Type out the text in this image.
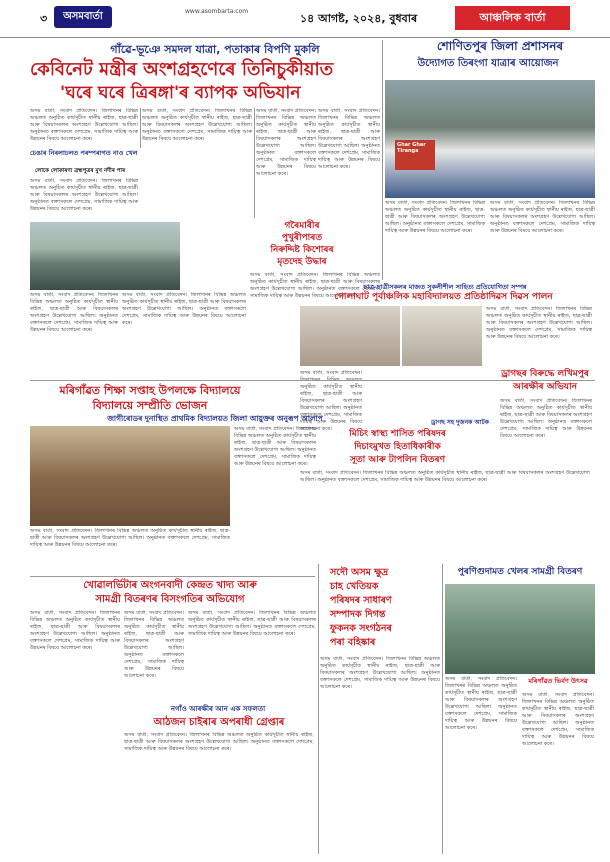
৩	অসমবাৰ্তা	www.asombarta.com
১৪ আগষ্ট, ২০২৪, বুধবাৰ	আঞ্চলিক বাৰ্তা
গাঁৱে-ভূঞে সমদল যাত্ৰা, পতাকাৰ বিপণি মুকলি
কেবিনেট মন্ত্ৰীৰ অংশগ্ৰহণেৰে তিনিচুকীয়াত
'ঘৰে ঘৰে ত্ৰিৰঙ্গা'ৰ ব্যাপক অভিযান
শোণিতপুৰ জিলা প্ৰশাসনৰ
উদ্যোগত তিৰংগা যাত্ৰাৰ আয়োজন
অসম বাৰ্তা, সংবাদ প্ৰতিবেদন। জিলাখনৰ বিভিন্ন অঞ্চলত অনুষ্ঠিত কাৰ্যসূচীত স্থানীয় ৰাইজ, ছাত্ৰ-ছাত্ৰী আৰু বিষয়াসকলৰ অংশগ্ৰহণ উল্লেখযোগ্য আছিল। অনুষ্ঠানত বক্তাসকলে দেশপ্ৰেম, সামাজিক দায়িত্ব আৰু উন্নয়নৰ বিষয়ে আলোচনা কৰে।
অসম বাৰ্তা, সংবাদ প্ৰতিবেদন। জিলাখনৰ বিভিন্ন অঞ্চলত অনুষ্ঠিত কাৰ্যসূচীত স্থানীয় ৰাইজ, ছাত্ৰ-ছাত্ৰী আৰু বিষয়াসকলৰ অংশগ্ৰহণ উল্লেখযোগ্য আছিল। অনুষ্ঠানত বক্তাসকলে দেশপ্ৰেম, সামাজিক দায়িত্ব আৰু উন্নয়নৰ বিষয়ে আলোচনা কৰে।
অসম বাৰ্তা, সংবাদ প্ৰতিবেদন। জিলাখনৰ বিভিন্ন অঞ্চলত অনুষ্ঠিত কাৰ্যসূচীত স্থানীয় ৰাইজ, ছাত্ৰ-ছাত্ৰী আৰু বিষয়াসকলৰ অংশগ্ৰহণ উল্লেখযোগ্য আছিল। অনুষ্ঠানত বক্তাসকলে দেশপ্ৰেম, সামাজিক দায়িত্ব আৰু উন্নয়নৰ বিষয়ে আলোচনা কৰে।
চেঙাৰ নিৰলাচলত পৰম্পৰাগত নাও খেল
লোকে লোকাৰণ্য ব্ৰহ্মপুত্ৰৰ মুখ নদীৰ পাৰ
অসম বাৰ্তা, সংবাদ প্ৰতিবেদন। জিলাখনৰ বিভিন্ন অঞ্চলত অনুষ্ঠিত কাৰ্যসূচীত স্থানীয় ৰাইজ, ছাত্ৰ-ছাত্ৰী আৰু বিষয়াসকলৰ অংশগ্ৰহণ উল্লেখযোগ্য আছিল। অনুষ্ঠানত বক্তাসকলে দেশপ্ৰেম, সামাজিক দায়িত্ব আৰু উন্নয়নৰ বিষয়ে আলোচনা কৰে।
Ghar Ghar Tiranga
অসম বাৰ্তা, সংবাদ প্ৰতিবেদন। জিলাখনৰ বিভিন্ন অঞ্চলত অনুষ্ঠিত কাৰ্যসূচীত স্থানীয় ৰাইজ, ছাত্ৰ-ছাত্ৰী আৰু বিষয়াসকলৰ অংশগ্ৰহণ উল্লেখযোগ্য আছিল। অনুষ্ঠানত বক্তাসকলে দেশপ্ৰেম, সামাজিক দায়িত্ব আৰু উন্নয়নৰ বিষয়ে আলোচনা কৰে।
অসম বাৰ্তা, সংবাদ প্ৰতিবেদন। জিলাখনৰ বিভিন্ন অঞ্চলত অনুষ্ঠিত কাৰ্যসূচীত স্থানীয় ৰাইজ, ছাত্ৰ-ছাত্ৰী আৰু বিষয়াসকলৰ অংশগ্ৰহণ উল্লেখযোগ্য আছিল। অনুষ্ঠানত বক্তাসকলে দেশপ্ৰেম, সামাজিক দায়িত্ব আৰু উন্নয়নৰ বিষয়ে আলোচনা কৰে।
অসম বাৰ্তা, সংবাদ প্ৰতিবেদন। জিলাখনৰ বিভিন্ন অঞ্চলত অনুষ্ঠিত কাৰ্যসূচীত স্থানীয় ৰাইজ, ছাত্ৰ-ছাত্ৰী আৰু বিষয়াসকলৰ অংশগ্ৰহণ উল্লেখযোগ্য আছিল। অনুষ্ঠানত বক্তাসকলে দেশপ্ৰেম, সামাজিক দায়িত্ব আৰু উন্নয়নৰ বিষয়ে আলোচনা কৰে।
গৰৈমাৰীৰ
পুখুৰীপাৰত
নিৰুদ্দিষ্ট কিশোৰৰ
মৃতদেহ উদ্ধাৰ
অসম বাৰ্তা, সংবাদ প্ৰতিবেদন। জিলাখনৰ বিভিন্ন অঞ্চলত অনুষ্ঠিত কাৰ্যসূচীত স্থানীয় ৰাইজ, ছাত্ৰ-ছাত্ৰী আৰু বিষয়াসকলৰ অংশগ্ৰহণ উল্লেখযোগ্য আছিল। অনুষ্ঠানত বক্তাসকলে দেশপ্ৰেম, সামাজিক দায়িত্ব আৰু উন্নয়নৰ বিষয়ে আলোচনা কৰে।
অসম বাৰ্তা, সংবাদ প্ৰতিবেদন। জিলাখনৰ বিভিন্ন অঞ্চলত অনুষ্ঠিত কাৰ্যসূচীত স্থানীয় ৰাইজ, ছাত্ৰ-ছাত্ৰী আৰু বিষয়াসকলৰ অংশগ্ৰহণ উল্লেখযোগ্য আছিল। অনুষ্ঠানত বক্তাসকলে দেশপ্ৰেম, সামাজিক দায়িত্ব আৰু উন্নয়নৰ বিষয়ে আলোচনা কৰে।
অসম বাৰ্তা, সংবাদ প্ৰতিবেদন। জিলাখনৰ বিভিন্ন অঞ্চলত অনুষ্ঠিত কাৰ্যসূচীত স্থানীয় ৰাইজ, ছাত্ৰ-ছাত্ৰী আৰু বিষয়াসকলৰ অংশগ্ৰহণ উল্লেখযোগ্য আছিল। অনুষ্ঠানত বক্তাসকলে দেশপ্ৰেম, সামাজিক দায়িত্ব আৰু উন্নয়নৰ বিষয়ে আলোচনা কৰে।
ছাত্ৰ-ছাত্ৰীসকলৰ মাজত সুকলীশীল সাহিত্য প্ৰতিযোগিতা সম্পন্ন
গোলাঘাট পূৰ্বাঞ্চলিক মহাবিদ্যালয়ত প্ৰতিষ্ঠাদিৱস দিৱস পালন
অসম বাৰ্তা, সংবাদ প্ৰতিবেদন। জিলাখনৰ বিভিন্ন অঞ্চলত অনুষ্ঠিত কাৰ্যসূচীত স্থানীয় ৰাইজ, ছাত্ৰ-ছাত্ৰী আৰু বিষয়াসকলৰ অংশগ্ৰহণ উল্লেখযোগ্য আছিল। অনুষ্ঠানত বক্তাসকলে দেশপ্ৰেম, সামাজিক দায়িত্ব আৰু উন্নয়নৰ বিষয়ে আলোচনা কৰে।
মৰিগাঁৱত শিক্ষা সপ্তাহ উপলক্ষে বিদ্যালয়ে
বিদ্যালয়ে সম্প্ৰীতি ভোজন
জাগীৰোডৰ দুনাস্থিত প্ৰাথমিক বিদ্যালয়ত জিলা আয়ুক্তৰ অনুৰূপ আলাপ
অসম বাৰ্তা, সংবাদ প্ৰতিবেদন। জিলাখনৰ বিভিন্ন অঞ্চলত অনুষ্ঠিত কাৰ্যসূচীত স্থানীয় ৰাইজ, ছাত্ৰ-ছাত্ৰী আৰু বিষয়াসকলৰ অংশগ্ৰহণ উল্লেখযোগ্য আছিল। অনুষ্ঠানত বক্তাসকলে দেশপ্ৰেম, সামাজিক দায়িত্ব আৰু উন্নয়নৰ বিষয়ে আলোচনা কৰে।
অসম বাৰ্তা, সংবাদ প্ৰতিবেদন। জিলাখনৰ বিভিন্ন অঞ্চলত অনুষ্ঠিত কাৰ্যসূচীত স্থানীয় ৰাইজ, ছাত্ৰ-ছাত্ৰী আৰু বিষয়াসকলৰ অংশগ্ৰহণ উল্লেখযোগ্য আছিল। অনুষ্ঠানত বক্তাসকলে দেশপ্ৰেম, সামাজিক দায়িত্ব আৰু উন্নয়নৰ বিষয়ে আলোচনা কৰে।
অসম বাৰ্তা, সংবাদ প্ৰতিবেদন। জিলাখনৰ বিভিন্ন অঞ্চলত অনুষ্ঠিত কাৰ্যসূচীত স্থানীয় ৰাইজ, ছাত্ৰ-ছাত্ৰী আৰু বিষয়াসকলৰ অংশগ্ৰহণ উল্লেখযোগ্য আছিল। অনুষ্ঠানত বক্তাসকলে দেশপ্ৰেম, সামাজিক দায়িত্ব আৰু উন্নয়নৰ বিষয়ে আলোচনা কৰে।
মিচিং স্বাস্থ্য শাসিত পৰিষদৰ
দিচাংমুখত হিতাধিকাৰীক
সূতা আৰু টাপলিন বিতৰণ
অসম বাৰ্তা, সংবাদ প্ৰতিবেদন। জিলাখনৰ বিভিন্ন অঞ্চলত অনুষ্ঠিত কাৰ্যসূচীত স্থানীয় ৰাইজ, ছাত্ৰ-ছাত্ৰী আৰু বিষয়াসকলৰ অংশগ্ৰহণ উল্লেখযোগ্য আছিল। অনুষ্ঠানত বক্তাসকলে দেশপ্ৰেম, সামাজিক দায়িত্ব আৰু উন্নয়নৰ বিষয়ে আলোচনা কৰে।
ড্ৰাগছৰ বিৰুদ্ধে লখিমপুৰ
আৰক্ষীৰ অভিযান
ড্ৰাগছ সহ দুজনক আটক
অসম বাৰ্তা, সংবাদ প্ৰতিবেদন। জিলাখনৰ বিভিন্ন অঞ্চলত অনুষ্ঠিত কাৰ্যসূচীত স্থানীয় ৰাইজ, ছাত্ৰ-ছাত্ৰী আৰু বিষয়াসকলৰ অংশগ্ৰহণ উল্লেখযোগ্য আছিল। অনুষ্ঠানত বক্তাসকলে দেশপ্ৰেম, সামাজিক দায়িত্ব আৰু উন্নয়নৰ বিষয়ে আলোচনা কৰে।
খোৱালৰ্ভিটাৰ অংগনবাদী কেন্দ্ৰত খাদ্য আৰু
সামগ্ৰী বিতৰণৰ বিসংগতিৰ অভিযোগ
অসম বাৰ্তা, সংবাদ প্ৰতিবেদন। জিলাখনৰ বিভিন্ন অঞ্চলত অনুষ্ঠিত কাৰ্যসূচীত স্থানীয় ৰাইজ, ছাত্ৰ-ছাত্ৰী আৰু বিষয়াসকলৰ অংশগ্ৰহণ উল্লেখযোগ্য আছিল। অনুষ্ঠানত বক্তাসকলে দেশপ্ৰেম, সামাজিক দায়িত্ব আৰু উন্নয়নৰ বিষয়ে আলোচনা কৰে।
অসম বাৰ্তা, সংবাদ প্ৰতিবেদন। জিলাখনৰ বিভিন্ন অঞ্চলত অনুষ্ঠিত কাৰ্যসূচীত স্থানীয় ৰাইজ, ছাত্ৰ-ছাত্ৰী আৰু বিষয়াসকলৰ অংশগ্ৰহণ উল্লেখযোগ্য আছিল। অনুষ্ঠানত বক্তাসকলে দেশপ্ৰেম, সামাজিক দায়িত্ব আৰু উন্নয়নৰ বিষয়ে আলোচনা কৰে।
অসম বাৰ্তা, সংবাদ প্ৰতিবেদন। জিলাখনৰ বিভিন্ন অঞ্চলত অনুষ্ঠিত কাৰ্যসূচীত স্থানীয় ৰাইজ, ছাত্ৰ-ছাত্ৰী আৰু বিষয়াসকলৰ অংশগ্ৰহণ উল্লেখযোগ্য আছিল। অনুষ্ঠানত বক্তাসকলে দেশপ্ৰেম, সামাজিক দায়িত্ব আৰু উন্নয়নৰ বিষয়ে আলোচনা কৰে।
নগাঁও আৰক্ষীৰ আন এক সফলতা
আঠজন চাইৰাৰ অপৰাধী গ্ৰেপ্তাৰ
অসম বাৰ্তা, সংবাদ প্ৰতিবেদন। জিলাখনৰ বিভিন্ন অঞ্চলত অনুষ্ঠিত কাৰ্যসূচীত স্থানীয় ৰাইজ, ছাত্ৰ-ছাত্ৰী আৰু বিষয়াসকলৰ অংশগ্ৰহণ উল্লেখযোগ্য আছিল। অনুষ্ঠানত বক্তাসকলে দেশপ্ৰেম, সামাজিক দায়িত্ব আৰু উন্নয়নৰ বিষয়ে আলোচনা কৰে।
সদৌ অসম ক্ষুদ্ৰ
চাহ খেতিয়ক
পৰিষদৰ সাধাৰণ
সম্পাদক দিগন্ত
ফুকনক সংগঠনৰ
পৰা বহিষ্কাৰ
অসম বাৰ্তা, সংবাদ প্ৰতিবেদন। জিলাখনৰ বিভিন্ন অঞ্চলত অনুষ্ঠিত কাৰ্যসূচীত স্থানীয় ৰাইজ, ছাত্ৰ-ছাত্ৰী আৰু বিষয়াসকলৰ অংশগ্ৰহণ উল্লেখযোগ্য আছিল। অনুষ্ঠানত বক্তাসকলে দেশপ্ৰেম, সামাজিক দায়িত্ব আৰু উন্নয়নৰ বিষয়ে আলোচনা কৰে।
পুৰণিগুদামত খেলৰ সামগ্ৰী বিতৰণ
অসম বাৰ্তা, সংবাদ প্ৰতিবেদন। জিলাখনৰ বিভিন্ন অঞ্চলত অনুষ্ঠিত কাৰ্যসূচীত স্থানীয় ৰাইজ, ছাত্ৰ-ছাত্ৰী আৰু বিষয়াসকলৰ অংশগ্ৰহণ উল্লেখযোগ্য আছিল। অনুষ্ঠানত বক্তাসকলে দেশপ্ৰেম, সামাজিক দায়িত্ব আৰু উন্নয়নৰ বিষয়ে আলোচনা কৰে।
মৰিগাঁৱত ভিৰ্বণ উৎসৱ
অসম বাৰ্তা, সংবাদ প্ৰতিবেদন। জিলাখনৰ বিভিন্ন অঞ্চলত অনুষ্ঠিত কাৰ্যসূচীত স্থানীয় ৰাইজ, ছাত্ৰ-ছাত্ৰী আৰু বিষয়াসকলৰ অংশগ্ৰহণ উল্লেখযোগ্য আছিল। অনুষ্ঠানত বক্তাসকলে দেশপ্ৰেম, সামাজিক দায়িত্ব আৰু উন্নয়নৰ বিষয়ে আলোচনা কৰে।
